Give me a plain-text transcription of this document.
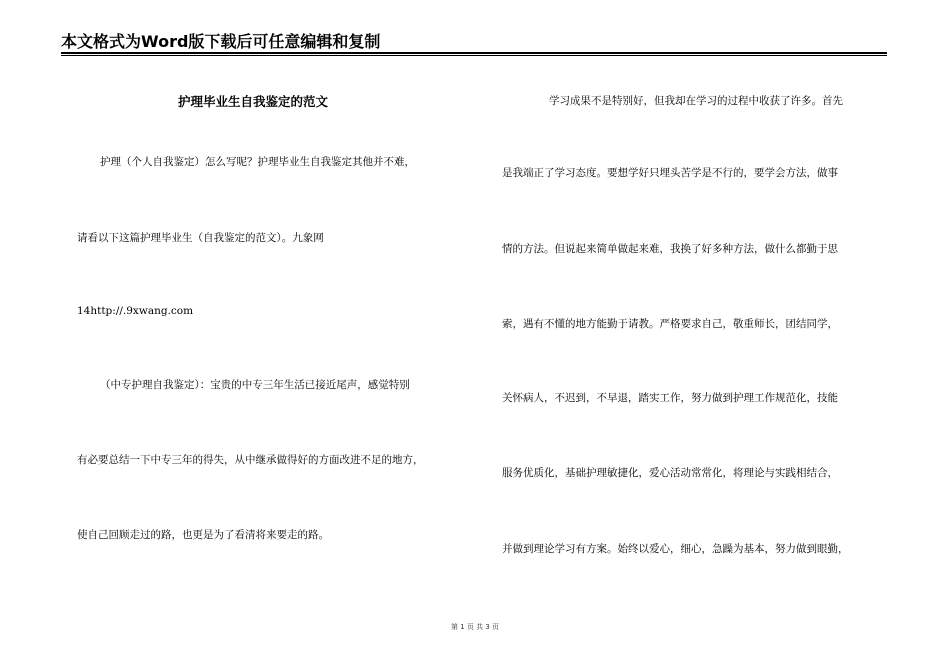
本文格式为Word版下载后可任意编辑和复制
护理毕业生自我鉴定的范文
护理（个人自我鉴定）怎么写呢？护理毕业生自我鉴定其他并不难，
请看以下这篇护理毕业生（自我鉴定的范文）。九象网
14http://.9xwang.com
（中专护理自我鉴定）：宝贵的中专三年生活已接近尾声，感觉特别
有必要总结一下中专三年的得失，从中继承做得好的方面改进不足的地方，
使自己回顾走过的路，也更是为了看清将来要走的路。
学习成果不是特别好，但我却在学习的过程中收获了许多。首先
是我端正了学习态度。要想学好只埋头苦学是不行的，要学会方法，做事
情的方法。但说起来简单做起来难，我换了好多种方法，做什么都勤于思
索，遇有不懂的地方能勤于请教。严格要求自己，敬重师长，团结同学，
关怀病人，不迟到，不早退，踏实工作，努力做到护理工作规范化，技能
服务优质化，基础护理敏捷化，爱心活动常常化，将理论与实践相结合，
并做到理论学习有方案。始终以爱心，细心，急躁为基本，努力做到眼勤，
第 1 页 共 3 页
